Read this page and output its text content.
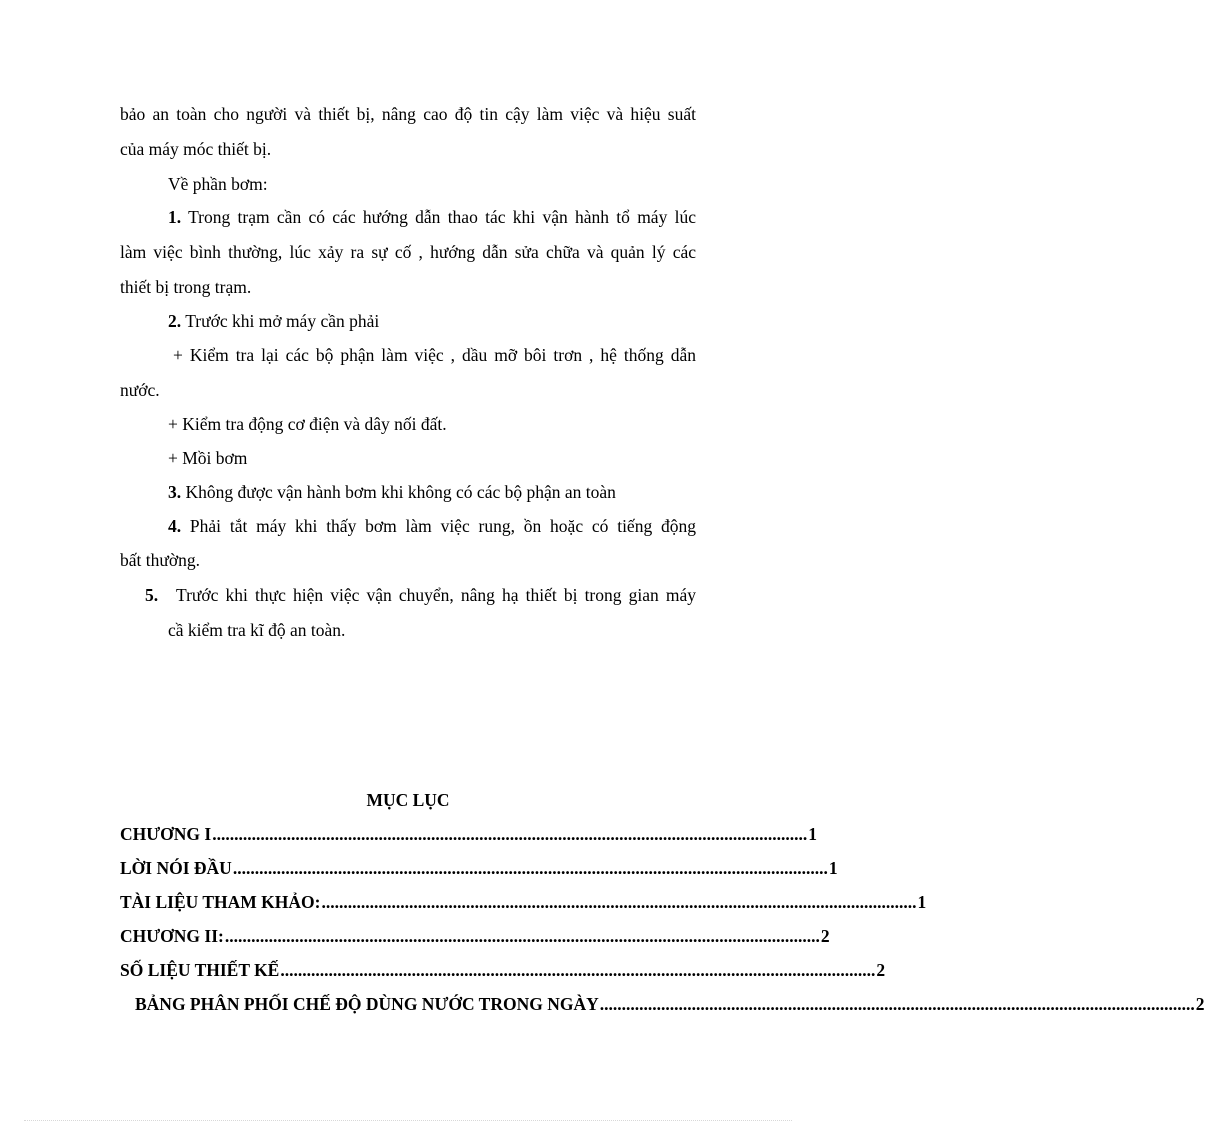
bảo an toàn cho người và thiết bị, nâng cao độ tin cậy làm việc và hiệu suất
của máy móc thiết bị.
Về phần bơm:
1. Trong trạm cần có các hướng dẫn thao tác khi vận hành tổ máy lúc
làm việc bình thường, lúc xảy ra sự cố , hướng dẫn sửa chữa và quản lý các
thiết bị trong trạm.
2. Trước khi mở máy cần phải
+ Kiểm tra lại các bộ phận làm việc , dầu mỡ bôi trơn , hệ thống dẫn
nước.
+ Kiểm tra động cơ điện và dây nối đất.
+ Mồi bơm
3. Không được vận hành bơm khi không có các bộ phận an toàn
4. Phải tắt máy khi thấy bơm làm việc rung, ồn hoặc có tiếng động
bất thường.
5. Trước khi thực hiện việc vận chuyển, nâng hạ thiết bị trong gian máy
cầ kiểm tra kĩ độ an toàn.
MỤC LỤC
CHƯƠNG I ........................................................................................................................................ 1
LỜI NÓI ĐẦU ........................................................................................................................................ 1
TÀI LIỆU THAM KHẢO: ........................................................................................................................................ 1
CHƯƠNG II: ........................................................................................................................................ 2
SỐ LIỆU THIẾT KẾ ........................................................................................................................................ 2
BẢNG PHÂN PHỐI CHẾ ĐỘ DÙNG NƯỚC TRONG NGÀY ........................................................................................................................................ 2
